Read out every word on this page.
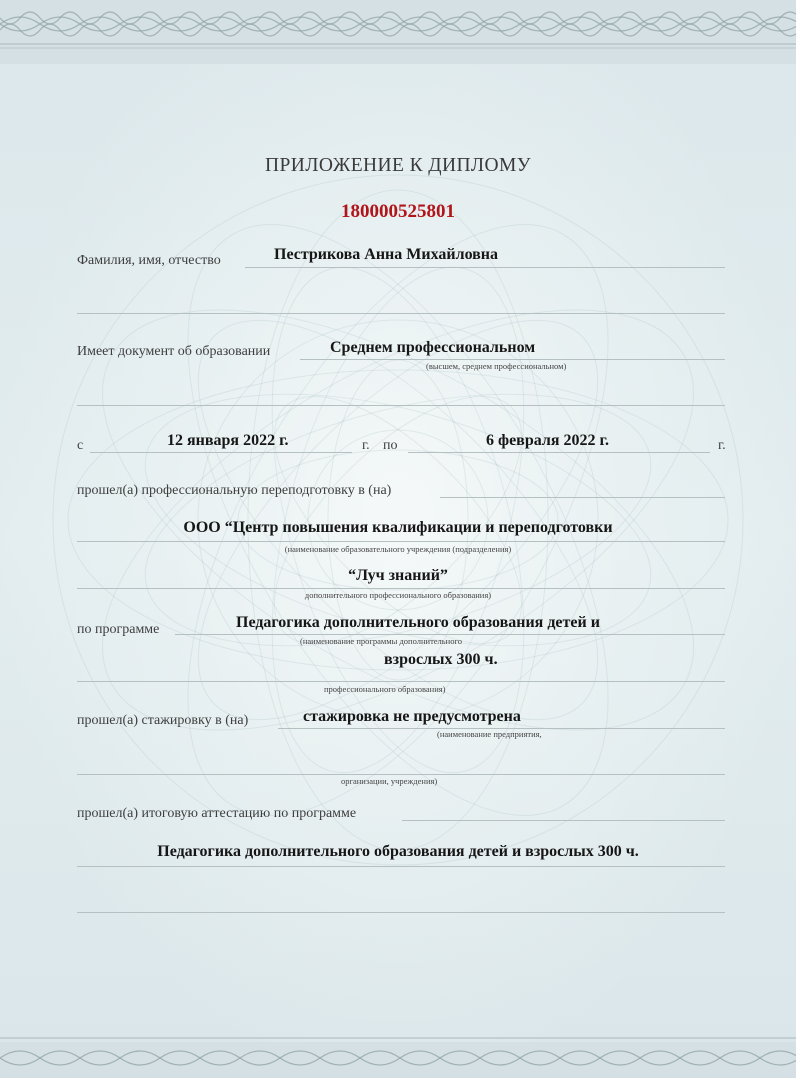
ПРИЛОЖЕНИЕ К ДИПЛОМУ
180000525801
Фамилия, имя, отчество	Пестрикова Анна Михайловна
Имеет документ об образовании	Среднем профессиональном
(высшем, среднем профессиональном)
с	12 января 2022 г.	г. по	6 февраля 2022 г.	г.
прошел(а) профессиональную переподготовку в (на)
ООО “Центр повышения квалификации и переподготовки
(наименование образовательного учреждения (подразделения)
“Луч знаний”
дополнительного профессионального образования)
по программе	Педагогика дополнительного образования детей и
(наименование программы дополнительного
взрослых 300 ч.
профессионального образования)
прошел(а) стажировку в (на)	стажировка не предусмотрена
(наименование предприятия,
организации, учреждения)
прошел(а) итоговую аттестацию по программе
Педагогика дополнительного образования детей и взрослых 300 ч.
